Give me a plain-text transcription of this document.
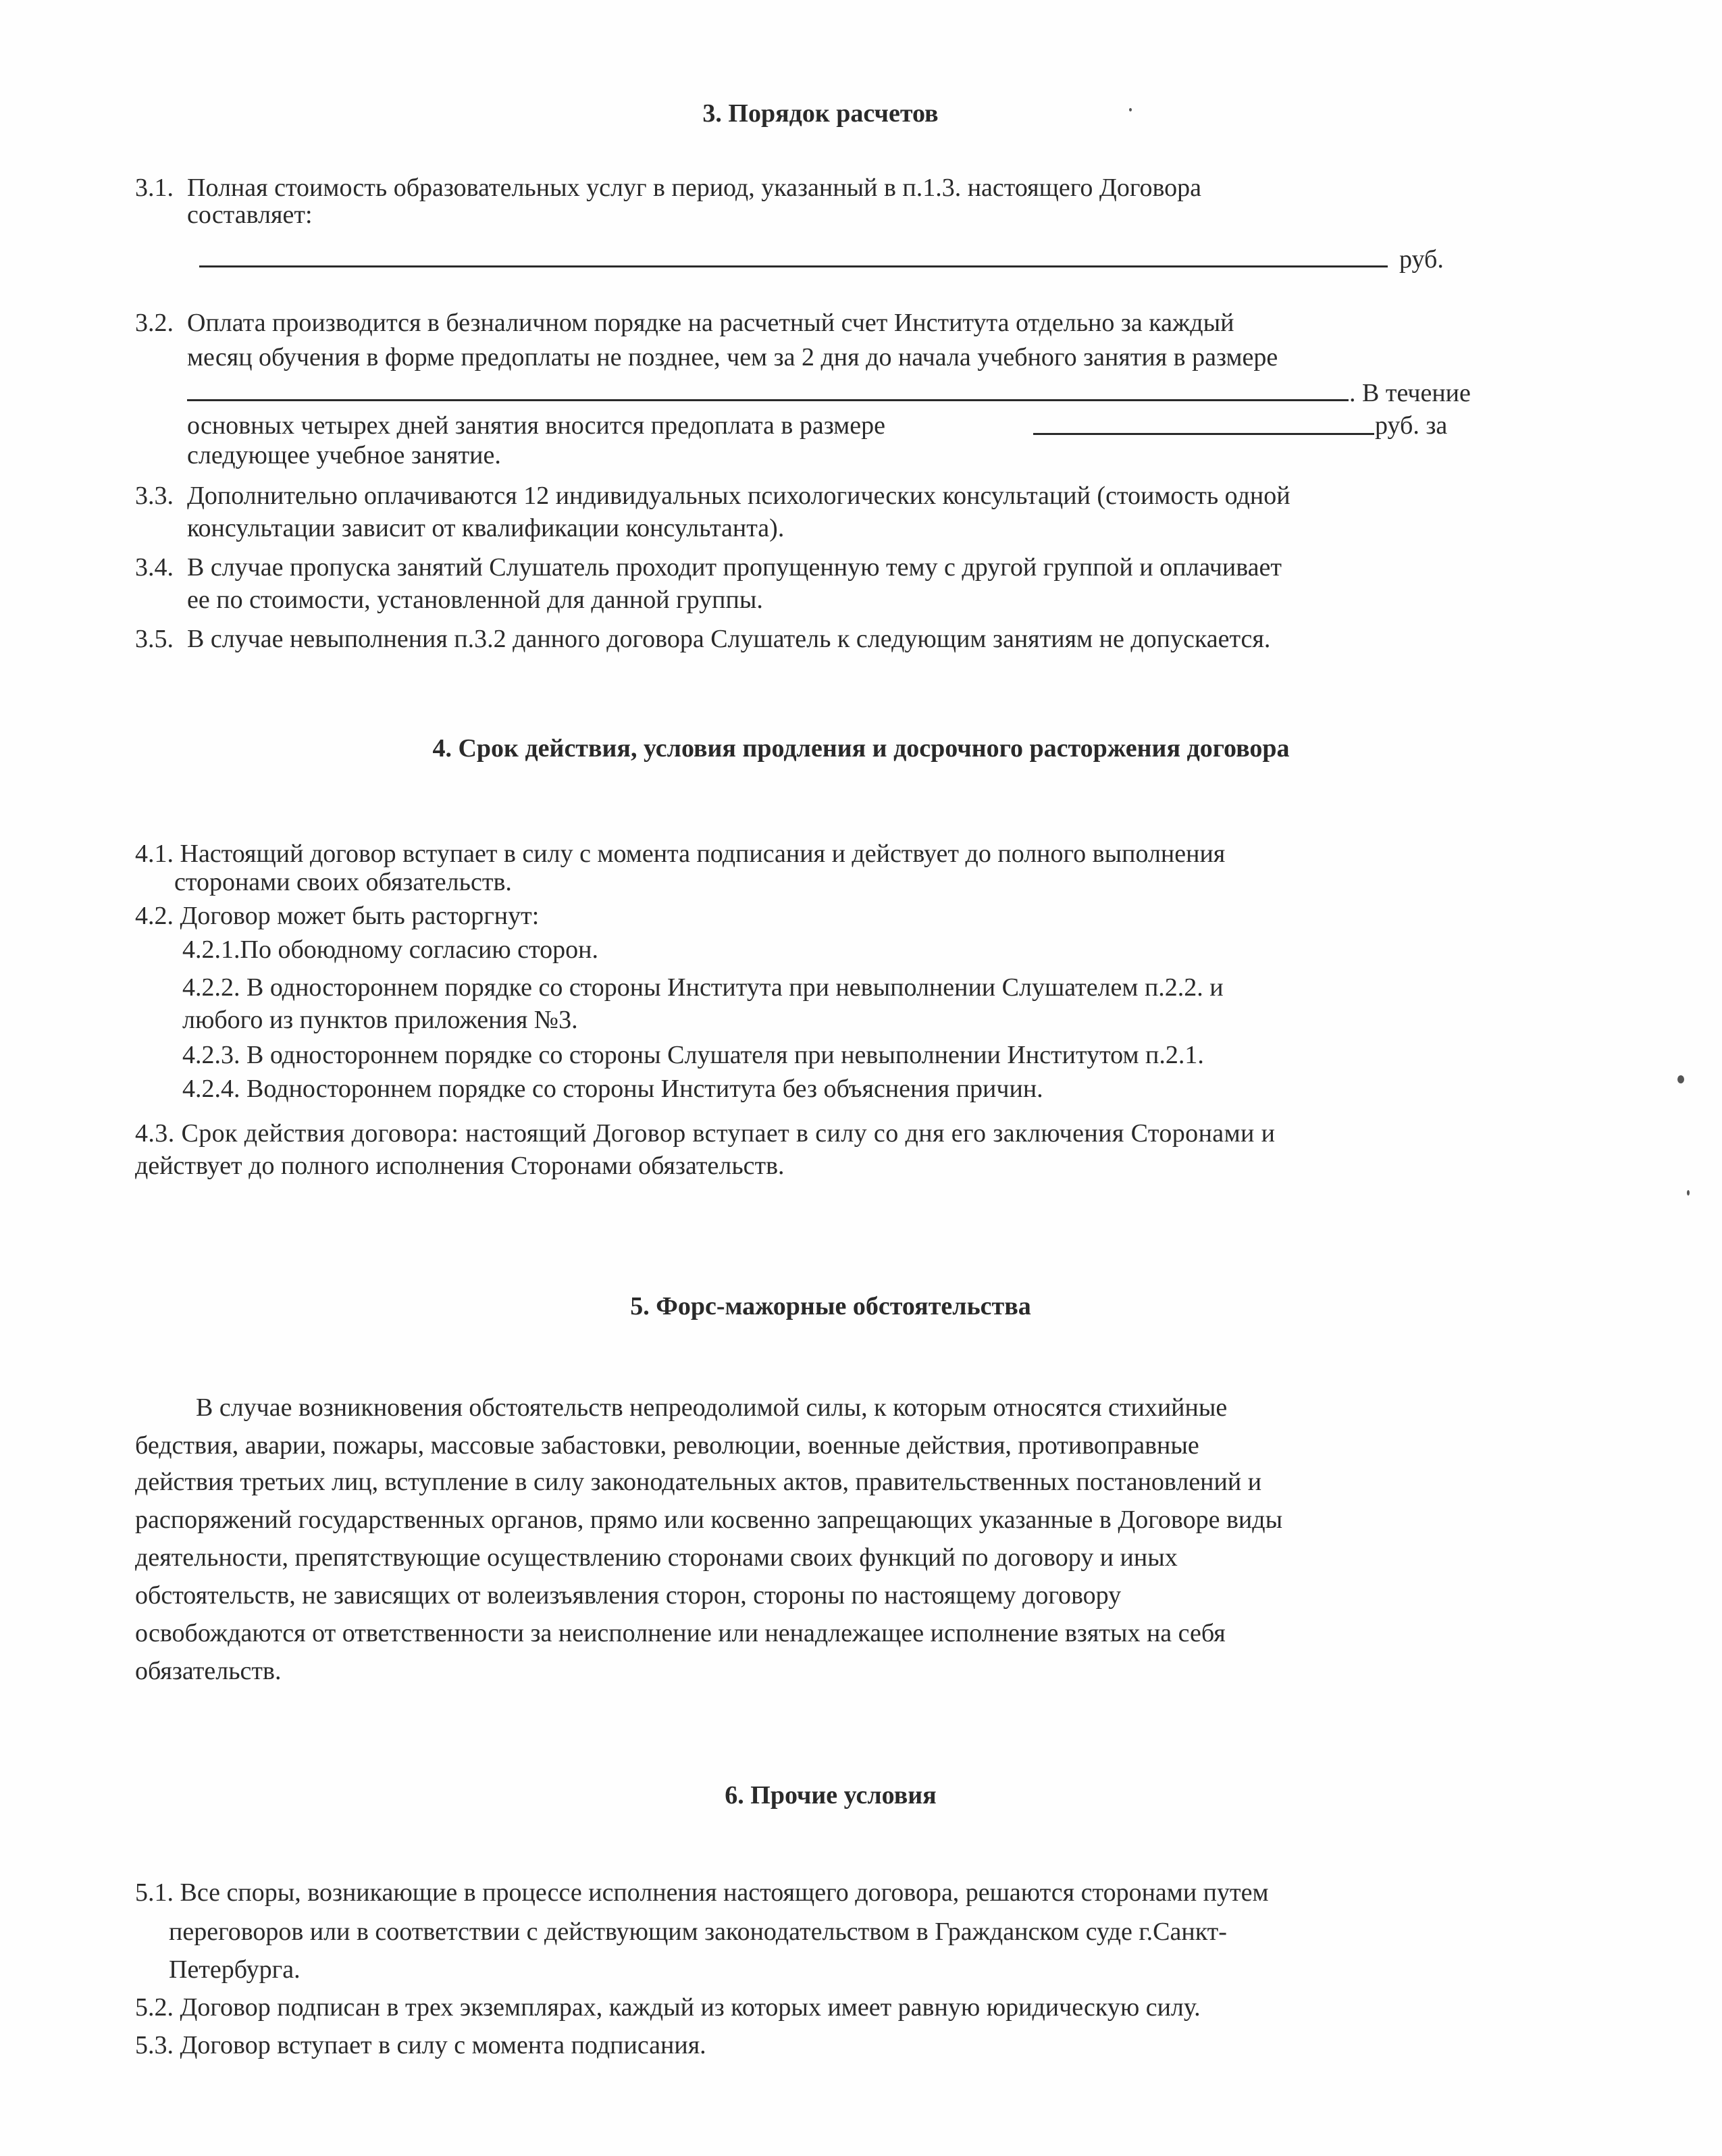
3. Порядок расчетов
3.1. Полная стоимость образовательных услуг в период, указанный в п.1.3. настоящего Договора
составляет:
руб.
3.2. Оплата производится в безналичном порядке на расчетный счет Института отдельно за каждый
месяц обучения в форме предоплаты не позднее, чем за 2 дня до начала учебного занятия в размере
. В течение
основных четырех дней занятия вносится предоплата в размере	руб. за
следующее учебное занятие.
3.3. Дополнительно оплачиваются 12 индивидуальных психологических консультаций (стоимость одной
консультации зависит от квалификации консультанта).
3.4. В случае пропуска занятий Слушатель проходит пропущенную тему с другой группой и оплачивает
ее по стоимости, установленной для данной группы.
3.5. В случае невыполнения п.3.2 данного договора Слушатель к следующим занятиям не допускается.
4. Срок действия, условия продления и досрочного расторжения договора
4.1. Настоящий договор вступает в силу с момента подписания и действует до полного выполнения
сторонами своих обязательств.
4.2. Договор может быть расторгнут:
4.2.1.По обоюдному согласию сторон.
4.2.2. В одностороннем порядке со стороны Института при невыполнении Слушателем п.2.2. и
любого из пунктов приложения №3.
4.2.3. В одностороннем порядке со стороны Слушателя при невыполнении Институтом п.2.1.
4.2.4. Водностороннем порядке со стороны Института без объяснения причин.
4.3. Срок действия договора: настоящий Договор вступает в силу со дня его заключения Сторонами и
действует до полного исполнения Сторонами обязательств.
5. Форс-мажорные обстоятельства
В случае возникновения обстоятельств непреодолимой силы, к которым относятся стихийные
бедствия, аварии, пожары, массовые забастовки, революции, военные действия, противоправные
действия третьих лиц, вступление в силу законодательных актов, правительственных постановлений и
распоряжений государственных органов, прямо или косвенно запрещающих указанные в Договоре виды
деятельности, препятствующие осуществлению сторонами своих функций по договору и иных
обстоятельств, не зависящих от волеизъявления сторон, стороны по настоящему договору
освобождаются от ответственности за неисполнение или ненадлежащее исполнение взятых на себя
обязательств.
6. Прочие условия
5.1. Все споры, возникающие в процессе исполнения настоящего договора, решаются сторонами путем
переговоров или в соответствии с действующим законодательством в Гражданском суде г.Санкт-
Петербурга.
5.2. Договор подписан в трех экземплярах, каждый из которых имеет равную юридическую силу.
5.3. Договор вступает в силу с момента подписания.
